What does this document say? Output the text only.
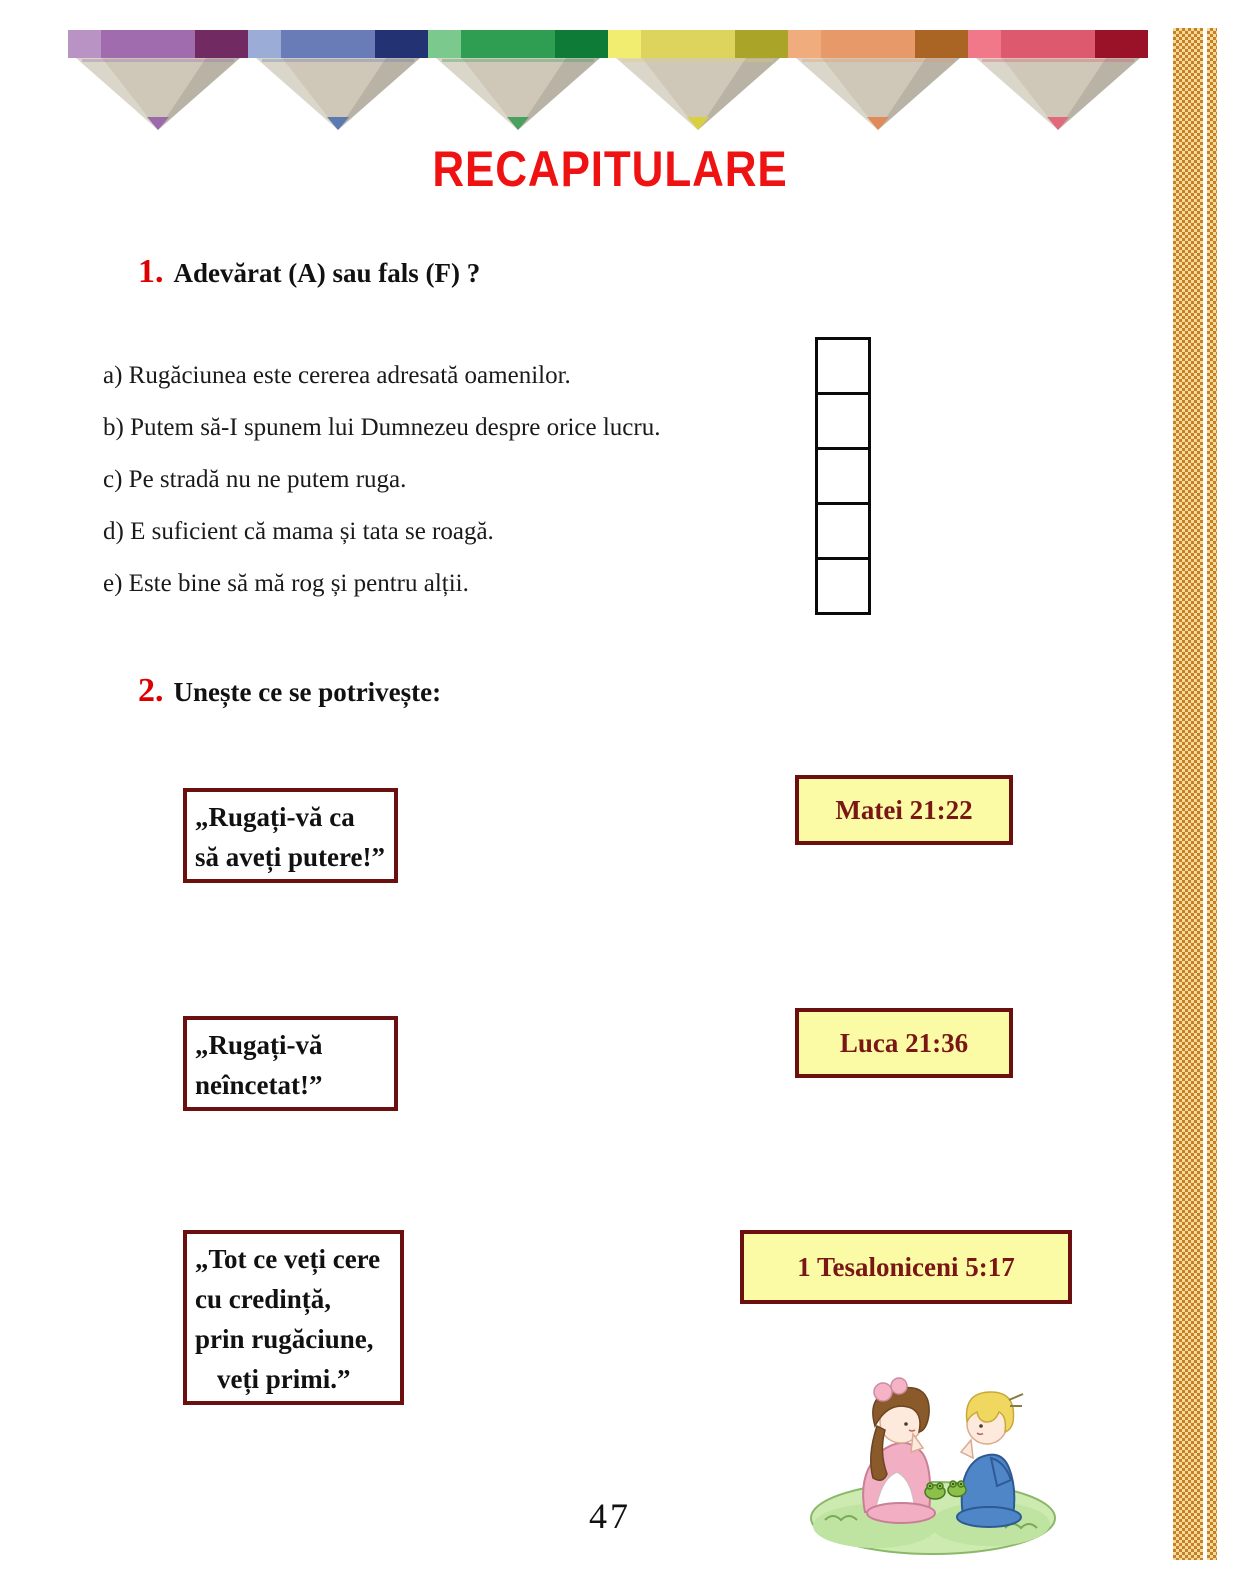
RECAPITULARE
1. Adevărat (A) sau fals (F) ?
a) Rugăciunea este cererea adresată oamenilor.
b) Putem să-I spunem lui Dumnezeu despre orice lucru.
c) Pe stradă nu ne putem ruga.
d) E suficient că mama și tata se roagă.
e) Este bine să mă rog și pentru alții.
2. Unește ce se potrivește:
„Rugați-vă ca
să aveți putere!”
Matei 21:22
„Rugați-vă
neîncetat!”
Luca 21:36
„Tot ce veți cere
cu credință,
prin rugăciune,
veți primi.”
1 Tesaloniceni 5:17
47
